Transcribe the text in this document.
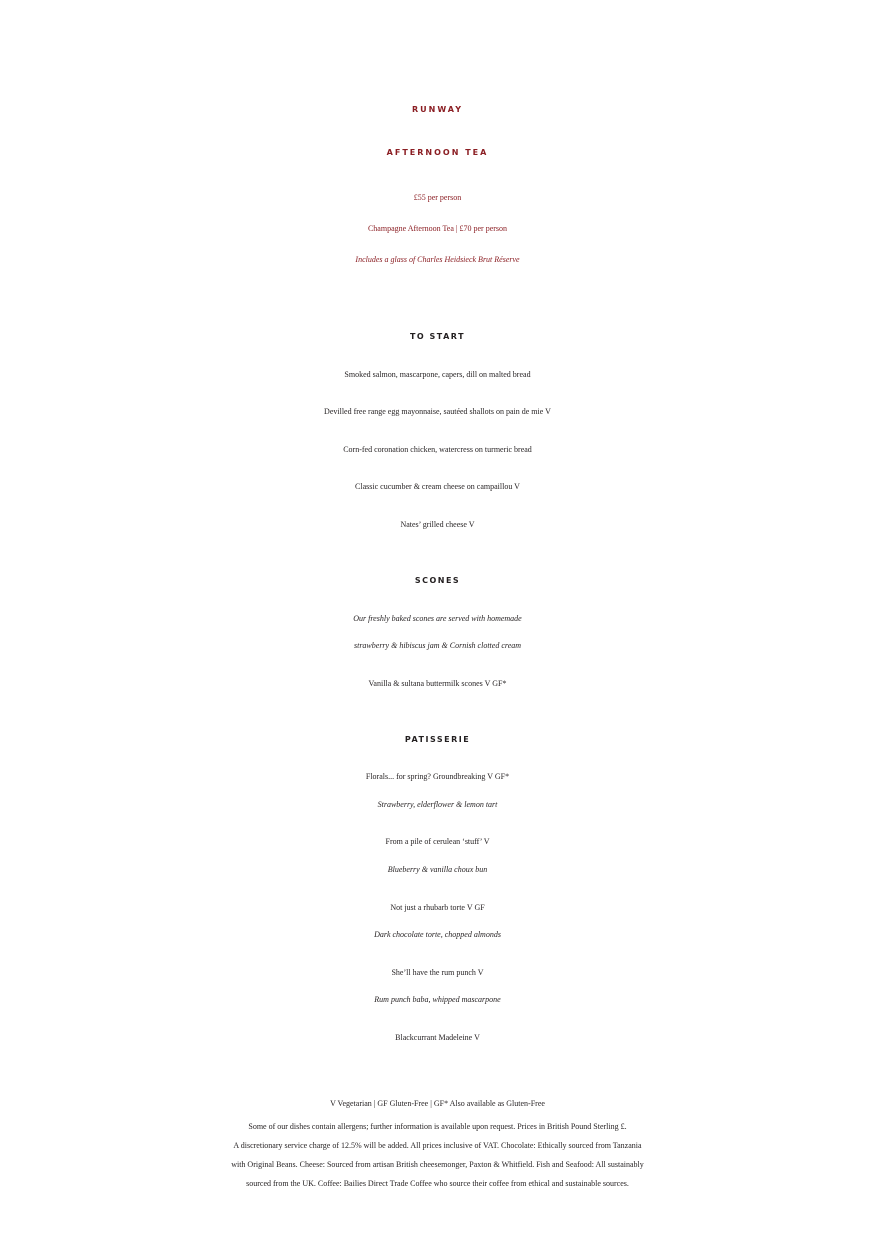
RUNWAY
AFTERNOON TEA
£55 per person
Champagne Afternoon Tea | £70 per person
Includes a glass of Charles Heidsieck Brut Réserve
TO START
Smoked salmon, mascarpone, capers, dill on malted bread
Devilled free range egg mayonnaise, sautéed shallots on pain de mie V
Corn-fed coronation chicken, watercress on turmeric bread
Classic cucumber & cream cheese on campaillou V
Nates’ grilled cheese V
SCONES
Our freshly baked scones are served with homemade
strawberry & hibiscus jam & Cornish clotted cream
Vanilla & sultana buttermilk scones V GF*
PATISSERIE
Florals... for spring? Groundbreaking V GF*
Strawberry, elderflower & lemon tart
From a pile of cerulean ‘stuff’ V
Blueberry & vanilla choux bun
Not just a rhubarb torte V GF
Dark chocolate torte, chopped almonds
She’ll have the rum punch V
Rum punch baba, whipped mascarpone
Blackcurrant Madeleine V
V Vegetarian | GF Gluten-Free | GF* Also available as Gluten-Free
Some of our dishes contain allergens; further information is available upon request. Prices in British Pound Sterling £.
A discretionary service charge of 12.5% will be added. All prices inclusive of VAT. Chocolate: Ethically sourced from Tanzania
with Original Beans. Cheese: Sourced from artisan British cheesemonger, Paxton & Whitfield. Fish and Seafood: All sustainably
sourced from the UK. Coffee: Bailies Direct Trade Coffee who source their coffee from ethical and sustainable sources.
